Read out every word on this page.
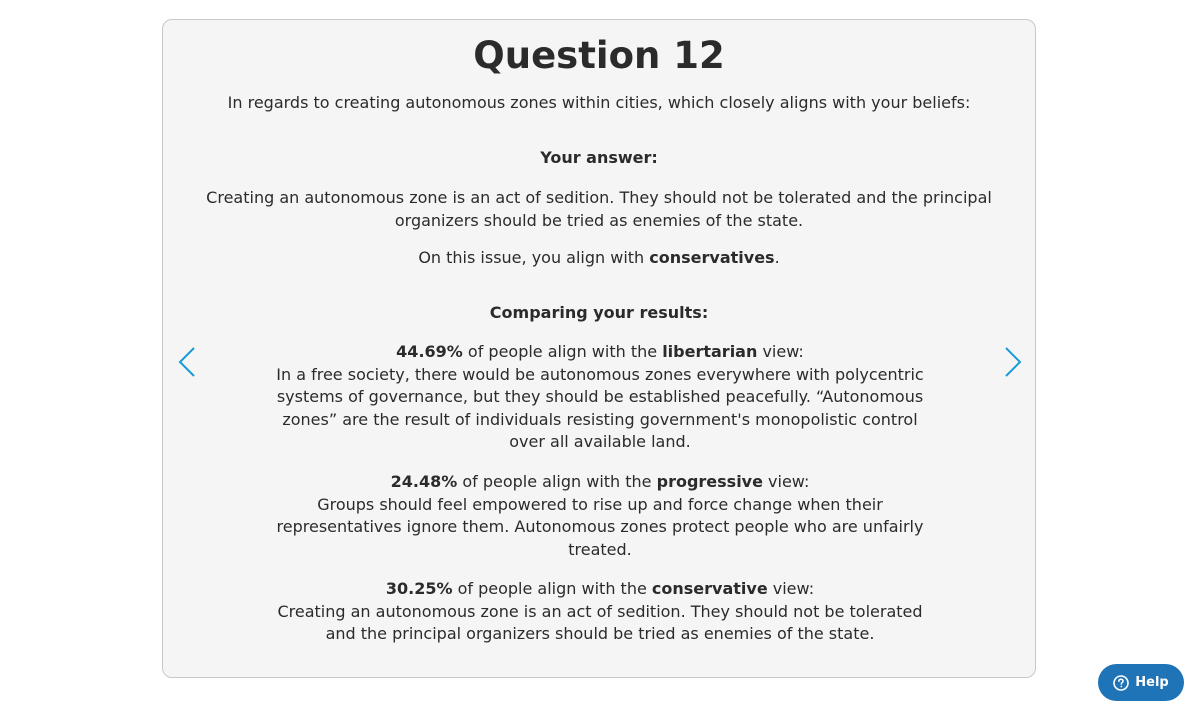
Question 12
In regards to creating autonomous zones within cities, which closely aligns with your beliefs:
Your answer:
Creating an autonomous zone is an act of sedition. They should not be tolerated and the principal organizers should be tried as enemies of the state.
On this issue, you align with conservatives.
Comparing your results:
44.69% of people align with the libertarian view:
In a free society, there would be autonomous zones everywhere with polycentric systems of governance, but they should be established peacefully. “Autonomous zones” are the result of individuals resisting government's monopolistic control over all available land.
24.48% of people align with the progressive view:
Groups should feel empowered to rise up and force change when their representatives ignore them. Autonomous zones protect people who are unfairly treated.
30.25% of people align with the conservative view:
Creating an autonomous zone is an act of sedition. They should not be tolerated and the principal organizers should be tried as enemies of the state.
Help
